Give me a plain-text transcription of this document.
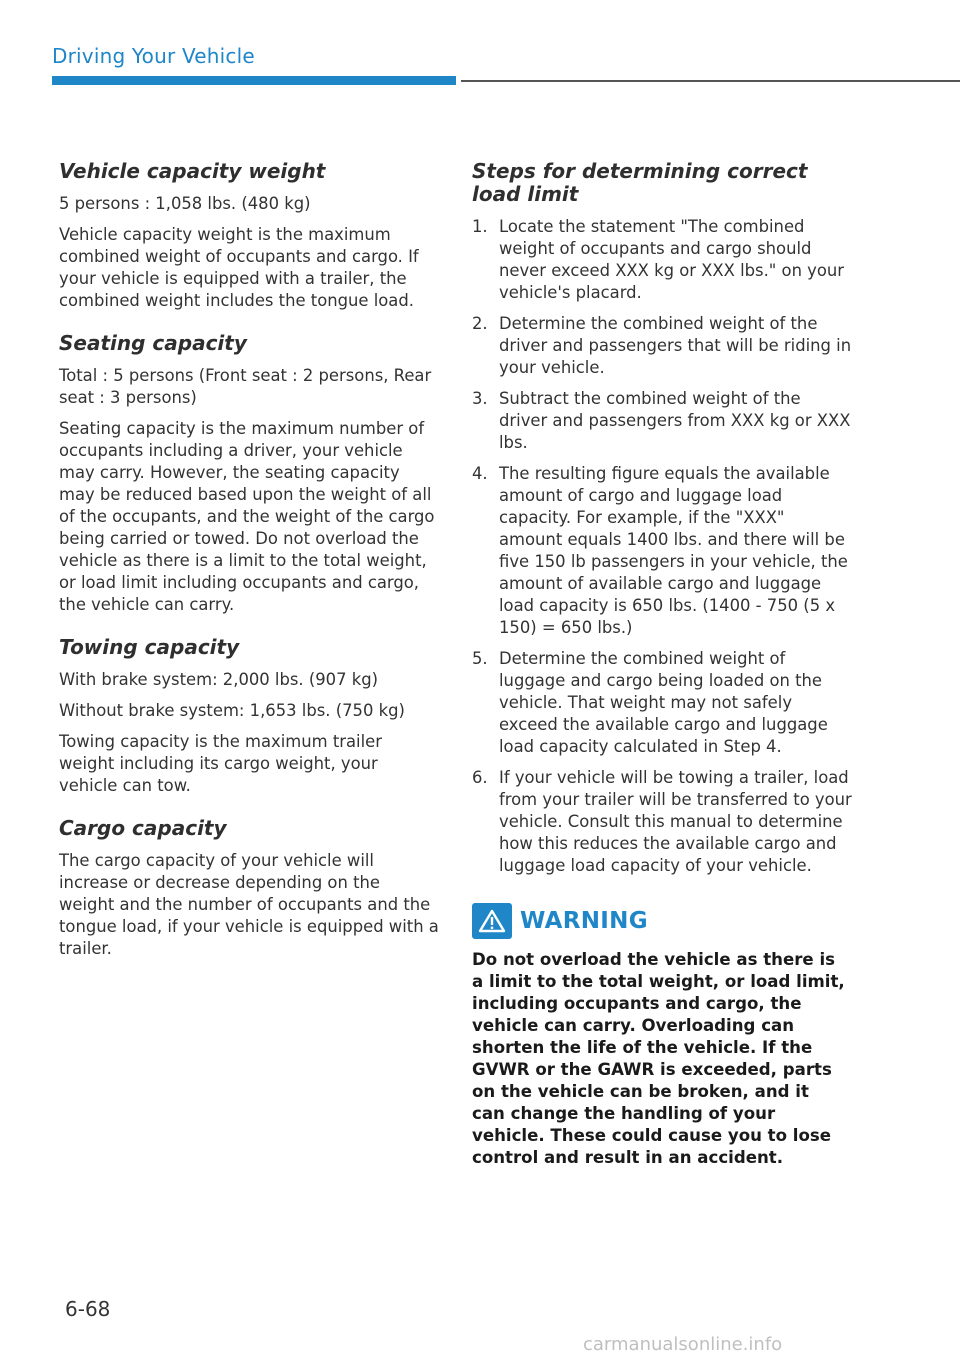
Driving Your Vehicle
Vehicle capacity weight

5 persons : 1,058 lbs. (480 kg)

Vehicle capacity weight is the maximum combined weight of occupants and cargo. If your vehicle is equipped with a trailer, the combined weight includes the tongue load.

Seating capacity

Total : 5 persons (Front seat : 2 persons, Rear seat : 3 persons)

Seating capacity is the maximum number of occupants including a driver, your vehicle may carry. However, the seating capacity may be reduced based upon the weight of all of the occupants, and the weight of the cargo being carried or towed. Do not overload the vehicle as there is a limit to the total weight, or load limit including occupants and cargo, the vehicle can carry.

Towing capacity

With brake system: 2,000 lbs. (907 kg)

Without brake system: 1,653 lbs. (750 kg)

Towing capacity is the maximum trailer weight including its cargo weight, your vehicle can tow.

Cargo capacity

The cargo capacity of your vehicle will increase or decrease depending on the weight and the number of occupants and the tongue load, if your vehicle is equipped with a trailer.

Steps for determining correct load limit
1. Locate the statement "The combined weight of occupants and cargo should never exceed XXX kg or XXX lbs." on your vehicle's placard.
2. Determine the combined weight of the driver and passengers that will be riding in your vehicle.
3. Subtract the combined weight of the driver and passengers from XXX kg or XXX lbs.
4. The resulting figure equals the available amount of cargo and luggage load capacity. For example, if the "XXX" amount equals 1400 lbs. and there will be five 150 lb passengers in your vehicle, the amount of available cargo and luggage load capacity is 650 lbs. (1400 - 750 (5 x 150) = 650 lbs.)
5. Determine the combined weight of luggage and cargo being loaded on the vehicle. That weight may not safely exceed the available cargo and luggage load capacity calculated in Step 4.
6. If your vehicle will be towing a trailer, load from your trailer will be transferred to your vehicle. Consult this manual to determine how this reduces the available cargo and luggage load capacity of your vehicle.
WARNING

Do not overload the vehicle as there is a limit to the total weight, or load limit, including occupants and cargo, the vehicle can carry. Overloading can shorten the life of the vehicle. If the GVWR or the GAWR is exceeded, parts on the vehicle can be broken, and it can change the handling of your vehicle. These could cause you to lose control and result in an accident.

6-68
carmanualsonline.info
